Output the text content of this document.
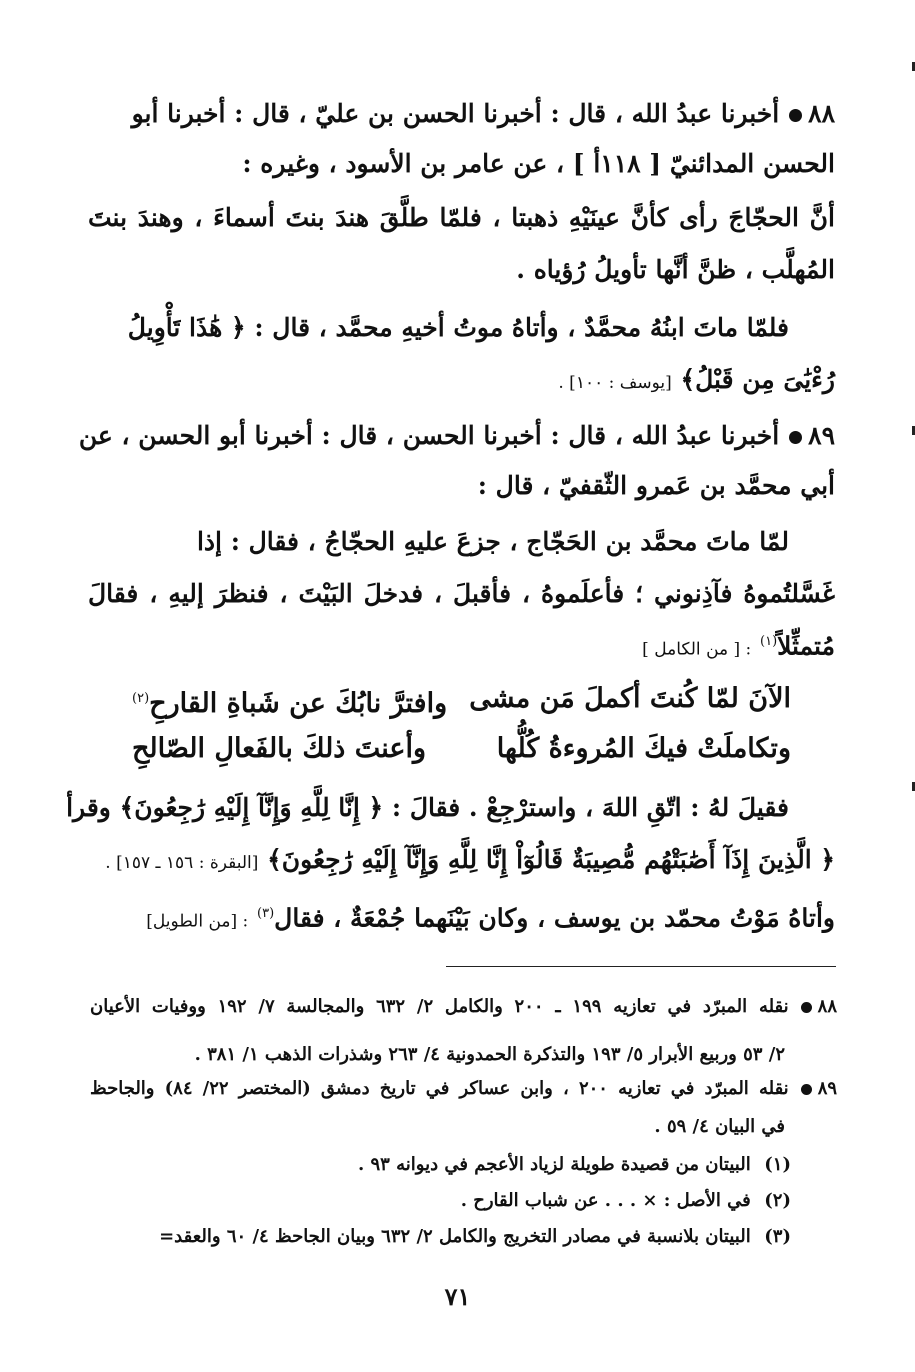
٨٨أخبرنا عبدُ الله ، قال : أخبرنا الحسن بن عليّ ، قال : أخبرنا أبو
الحسن المدائنيّ [ ١١٨أ ] ، عن عامر بن الأسود ، وغيره :
أنَّ الحجّاجَ رأى كأنَّ عينَيْهِ ذهبتا ، فلمّا طلَّقَ هندَ بنتَ أسماءَ ، وهندَ بنتَ
المُهلَّب ، ظنَّ أنَّها تأويلُ رُؤياه .
فلمّا ماتَ ابنُهُ محمَّدٌ ، وأتاهُ موتُ أخيهِ محمَّد ، قال : ﴿ هَٰذَا تَأْوِيلُ
رُءْيَٰىَ مِن قَبْلُ﴾ [يوسف : ١٠٠] .
٨٩أخبرنا عبدُ الله ، قال : أخبرنا الحسن ، قال : أخبرنا أبو الحسن ، عن
أبي محمَّد بن عَمرو الثّقفيّ ، قال :
لمّا ماتَ محمَّد بن الحَجّاج ، جزعَ عليهِ الحجّاجُ ، فقال : إذا
غَسَّلتُموهُ فآذِنوني ؛ فأعلَموهُ ، فأقبلَ ، فدخلَ البَيْتَ ، فنظرَ إليهِ ، فقالَ
مُتمثِّلاً$^{(١)}$ : [ من الكامل ]
الآنَ لمّا كُنتَ أكملَ مَن مشى
وافترَّ نابُكَ عن شَباةِ القارحِ$^{(٢)}$
وتكاملَتْ فيكَ المُروءةُ كُلُّها
وأعنتَ ذلكَ بالفَعالِ الصّالحِ
فقيلَ لهُ : اتّقِ اللهَ ، واسترْجِعْ . فقالَ : ﴿ إِنَّا لِلَّهِ وَإِنَّآ إِلَيْهِ رَٰجِعُونَ﴾ وقرأ
﴿ الَّذِينَ إِذَآ أَصَٰبَتْهُم مُّصِيبَةٌ قَالُوٓاْ إِنَّا لِلَّهِ وَإِنَّآ إِلَيْهِ رَٰجِعُونَ﴾ [البقرة : ١٥٦ ـ ١٥٧] .
وأتاهُ مَوْتُ محمّد بن يوسف ، وكان بَيْنَهما جُمْعَةٌ ، فقال$^{(٣)}$ : [من الطويل]
٨٨نقله المبرّد في تعازيه ١٩٩ ـ ٢٠٠ والكامل ٢/ ٦٣٢ والمجالسة ٧/ ١٩٢ ووفيات الأعيان
٢/ ٥٣ وربيع الأبرار ٥/ ١٩٣ والتذكرة الحمدونية ٤/ ٢٦٣ وشذرات الذهب ١/ ٣٨١ .
٨٩نقله المبرّد في تعازيه ٢٠٠ ، وابن عساكر في تاريخ دمشق (المختصر ٢٢/ ٨٤) والجاحظ
في البيان ٤/ ٥٩ .
(١) البيتان من قصيدة طويلة لزياد الأعجم في ديوانه ٩٣ .
(٢) في الأصل : × . . . عن شباب القارح .
(٣) البيتان بلانسبة في مصادر التخريج والكامل ٢/ ٦٣٢ وبيان الجاحظ ٤/ ٦٠ والعقد=
٧١
